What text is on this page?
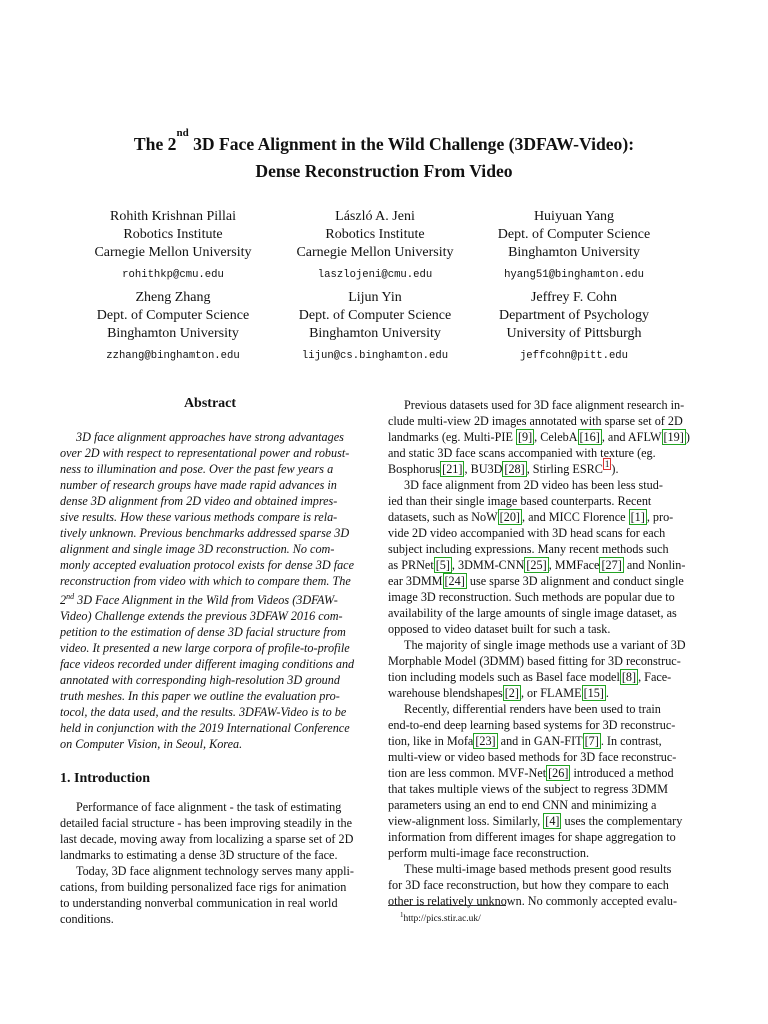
The 2nd 3D Face Alignment in the Wild Challenge (3DFAW-Video):
Dense Reconstruction From Video
Rohith Krishnan Pillai
Robotics Institute
Carnegie Mellon University
rohithkp@cmu.edu
László A. Jeni
Robotics Institute
Carnegie Mellon University
laszlojeni@cmu.edu
Huiyuan Yang
Dept. of Computer Science
Binghamton University
hyang51@binghamton.edu
Zheng Zhang
Dept. of Computer Science
Binghamton University
zzhang@binghamton.edu
Lijun Yin
Dept. of Computer Science
Binghamton University
lijun@cs.binghamton.edu
Jeffrey F. Cohn
Department of Psychology
University of Pittsburgh
jeffcohn@pitt.edu
Abstract
3D face alignment approaches have strong advantages
over 2D with respect to representational power and robust-
ness to illumination and pose. Over the past few years a
number of research groups have made rapid advances in
dense 3D alignment from 2D video and obtained impres-
sive results. How these various methods compare is rela-
tively unknown. Previous benchmarks addressed sparse 3D
alignment and single image 3D reconstruction. No com-
monly accepted evaluation protocol exists for dense 3D face
reconstruction from video with which to compare them. The
2nd 3D Face Alignment in the Wild from Videos (3DFAW-
Video) Challenge extends the previous 3DFAW 2016 com-
petition to the estimation of dense 3D facial structure from
video. It presented a new large corpora of profile-to-profile
face videos recorded under different imaging conditions and
annotated with corresponding high-resolution 3D ground
truth meshes. In this paper we outline the evaluation pro-
tocol, the data used, and the results. 3DFAW-Video is to be
held in conjunction with the 2019 International Conference
on Computer Vision, in Seoul, Korea.
1. Introduction
Performance of face alignment - the task of estimating
detailed facial structure - has been improving steadily in the
last decade, moving away from localizing a sparse set of 2D
landmarks to estimating a dense 3D structure of the face.
Today, 3D face alignment technology serves many appli-
cations, from building personalized face rigs for animation
to understanding nonverbal communication in real world
conditions.
Previous datasets used for 3D face alignment research in-
clude multi-view 2D images annotated with sparse set of 2D
landmarks (eg. Multi-PIE [9] , CelebA [16] , and AFLW [19] )
and static 3D face scans accompanied with texture (eg.
Bosphorus [21] , BU3D [28] , Stirling ESRC $^1$ ).
3D face alignment from 2D video has been less stud-
ied than their single image based counterparts. Recent
datasets, such as NoW [20] , and MICC Florence [1] , pro-
vide 2D video accompanied with 3D head scans for each
subject including expressions. Many recent methods such
as PRNet [5] , 3DMM-CNN [25] , MMFace [27] and Nonlin-
ear 3DMM [24] use sparse 3D alignment and conduct single
image 3D reconstruction. Such methods are popular due to
availability of the large amounts of single image dataset, as
opposed to video dataset built for such a task.
The majority of single image methods use a variant of 3D
Morphable Model (3DMM) based fitting for 3D reconstruc-
tion including models such as Basel face model [8] , Face-
warehouse blendshapes [2] , or FLAME [15] .
Recently, differential renders have been used to train
end-to-end deep learning based systems for 3D reconstruc-
tion, like in Mofa [23] and in GAN-FIT [7] . In contrast,
multi-view or video based methods for 3D face reconstruc-
tion are less common. MVF-Net [26] introduced a method
that takes multiple views of the subject to regress 3DMM
parameters using an end to end CNN and minimizing a
view-alignment loss. Similarly, [4] uses the complementary
information from different images for shape aggregation to
perform multi-image face reconstruction.
These multi-image based methods present good results
for 3D face reconstruction, but how they compare to each
other is relatively unknown. No commonly accepted evalu-
$^1$http://pics.stir.ac.uk/
